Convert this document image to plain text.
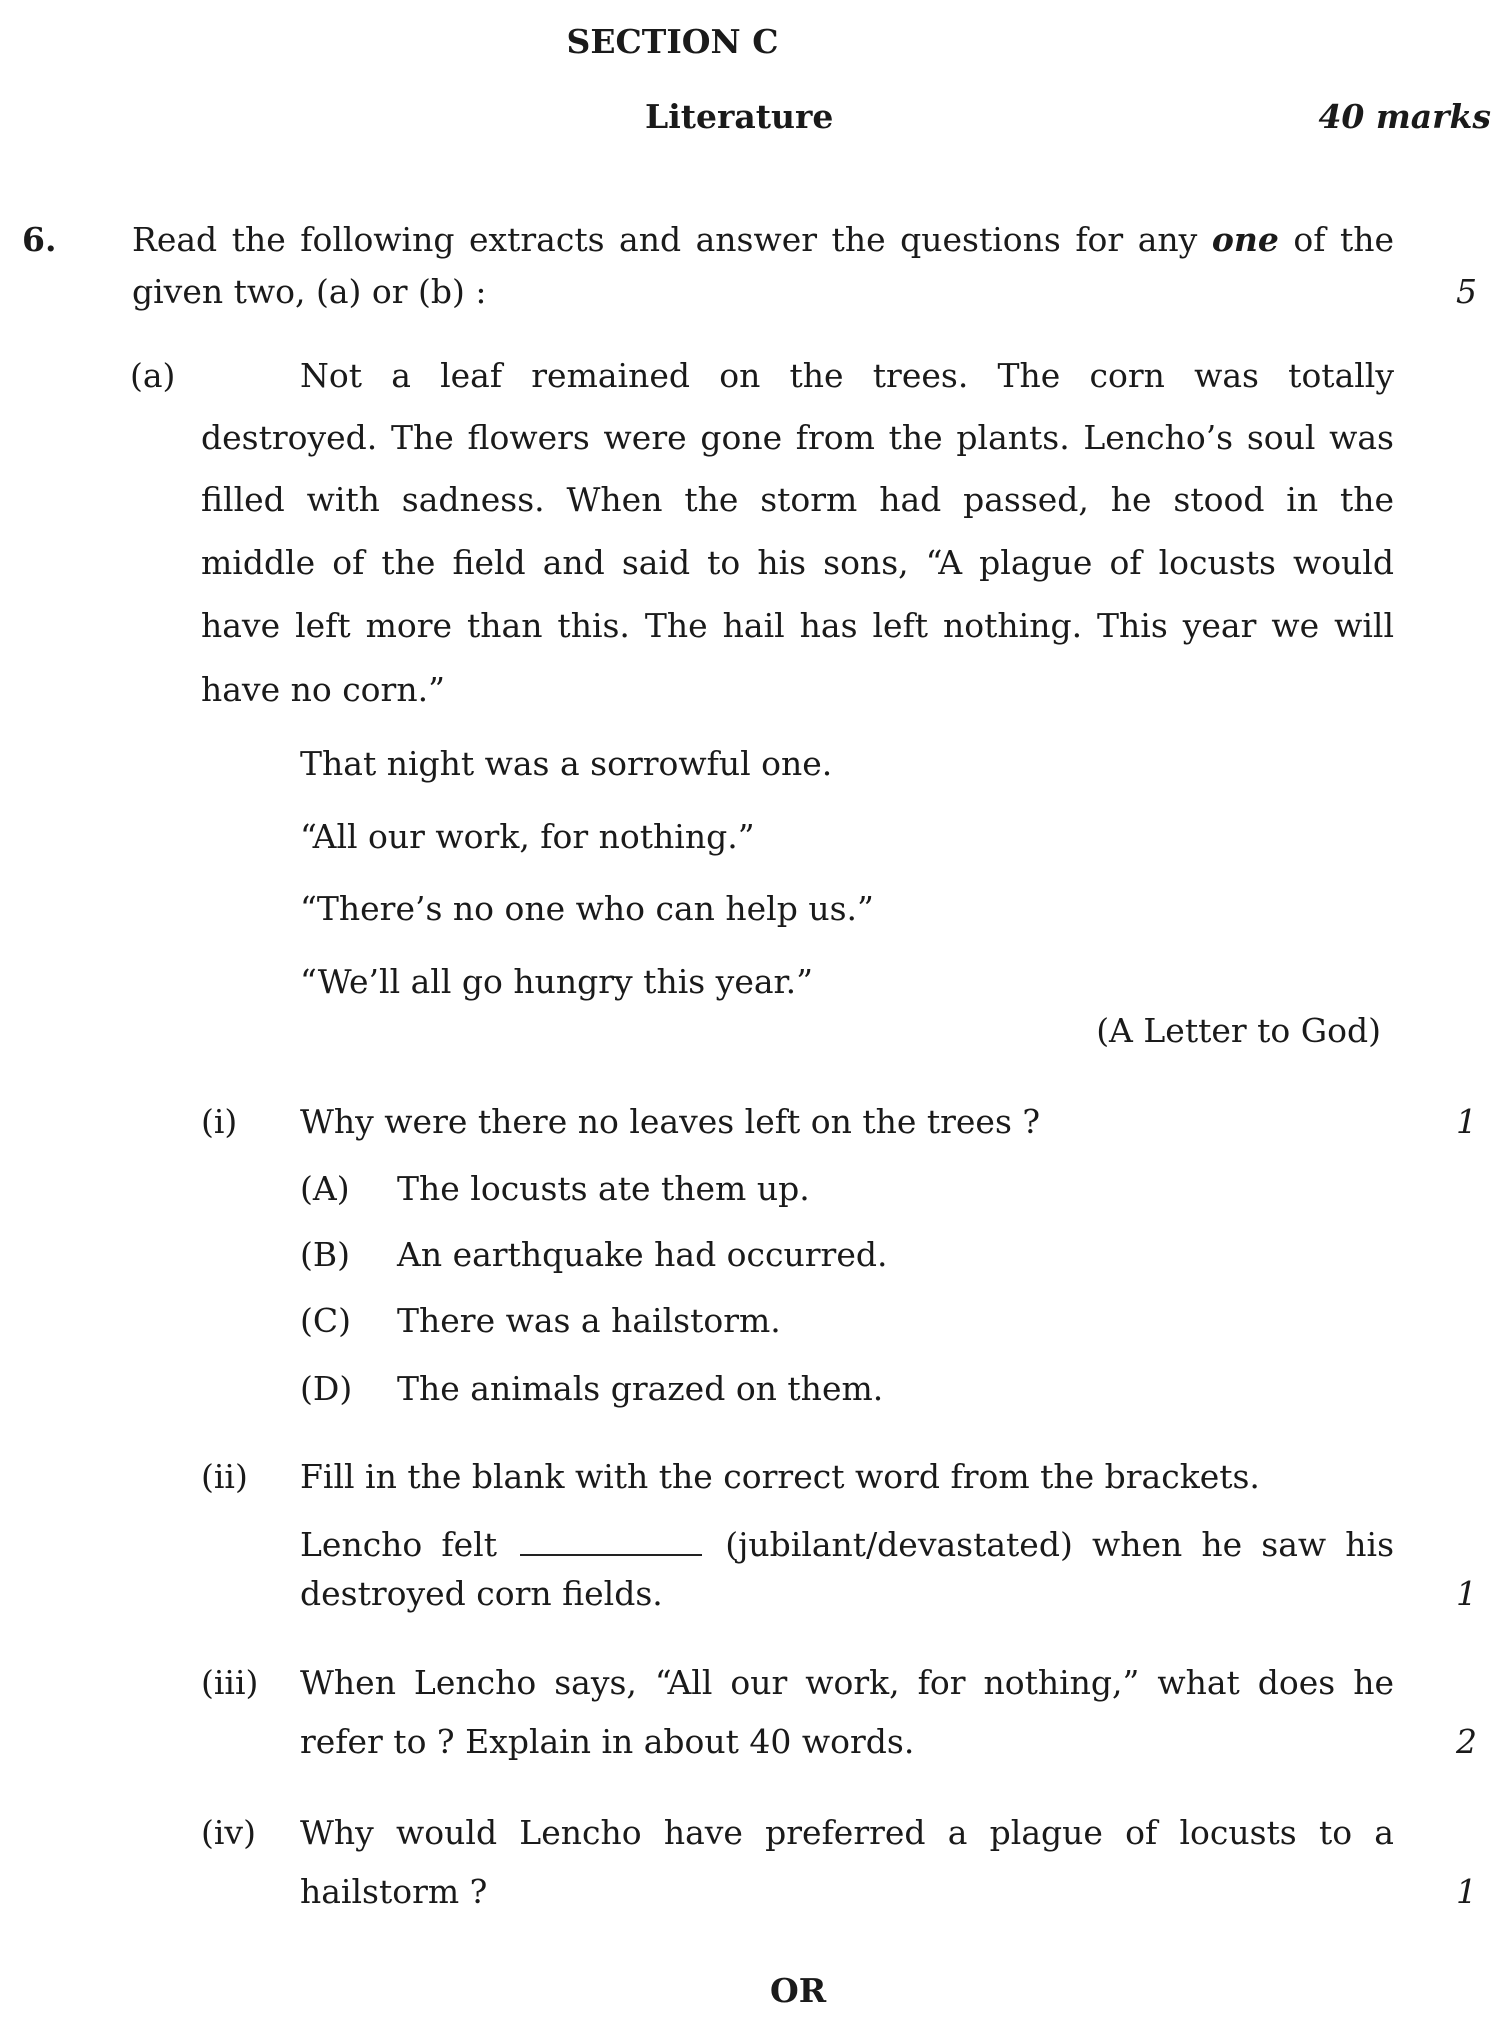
SECTION C
Literature	40 marks
6. Read the following extracts and answer the questions for any one of the
given two, (a) or (b) :	5
(a)	Not a leaf remained on the trees. The corn was totally
destroyed. The flowers were gone from the plants. Lencho’s soul was
filled with sadness. When the storm had passed, he stood in the
middle of the field and said to his sons, “A plague of locusts would
have left more than this. The hail has left nothing. This year we will
have no corn.”
That night was a sorrowful one.
“All our work, for nothing.”
“There’s no one who can help us.”
“We’ll all go hungry this year.”
(A Letter to God)
(i) Why were there no leaves left on the trees ?	1
(A) The locusts ate them up.
(B) An earthquake had occurred.
(C) There was a hailstorm.
(D) The animals grazed on them.
(ii) Fill in the blank with the correct word from the brackets.
Lencho felt	(jubilant/devastated) when he saw his
destroyed corn fields.	1
(iii) When Lencho says, “All our work, for nothing,” what does he
refer to ? Explain in about 40 words.	2
(iv) Why would Lencho have preferred a plague of locusts to a
hailstorm ?	1
OR
